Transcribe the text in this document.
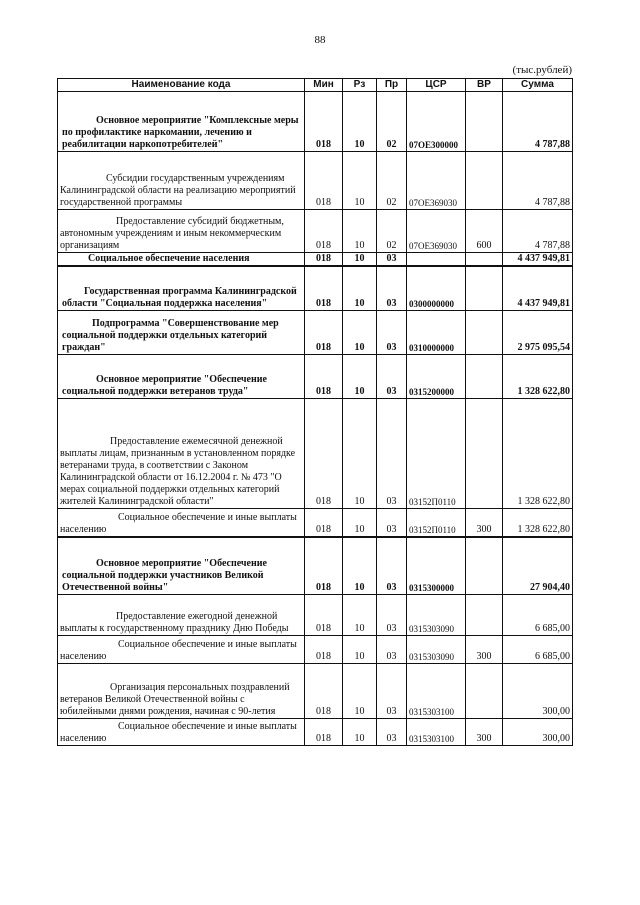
88
(тыс.рублей)
Наименование кода	Мин	Рз	Пр	ЦСР	ВР	Сумма
Основное мероприятие "Комплексные меры по профилактике наркомании, лечению и реабилитации наркопотребителей"	018	10	02	07OE300000		4 787,88
Субсидии государственным учреждениям Калининградской области на реализацию мероприятий государственной программы	018	10	02	07OE369030		4 787,88
Предоставление субсидий бюджетным, автономным учреждениям и иным некоммерческим организациям	018	10	02	07OE369030	600	4 787,88
Социальное обеспечение населения	018	10	03			4 437 949,81
Государственная программа Калининградской области "Социальная поддержка населения"	018	10	03	0300000000		4 437 949,81
Подпрограмма "Совершенствование мер социальной поддержки отдельных категорий граждан"	018	10	03	0310000000		2 975 095,54
Основное мероприятие "Обеспечение социальной поддержки ветеранов труда"	018	10	03	0315200000		1 328 622,80
Предоставление ежемесячной денежной выплаты лицам, признанным в установленном порядке ветеранами труда, в соответствии с Законом Калининградской области от 16.12.2004 г. № 473 "О мерах социальной поддержки отдельных категорий жителей Калининградской области"	018	10	03	03152П0110		1 328 622,80
Социальное обеспечение и иные выплаты населению	018	10	03	03152П0110	300	1 328 622,80
Основное мероприятие "Обеспечение социальной поддержки участников Великой Отечественной войны"	018	10	03	0315300000		27 904,40
Предоставление ежегодной денежной выплаты к государственному празднику Дню Победы	018	10	03	0315303090		6 685,00
Социальное обеспечение и иные выплаты населению	018	10	03	0315303090	300	6 685,00
Организация персональных поздравлений ветеранов Великой Отечественной войны с юбилейными днями рождения, начиная с 90-летия	018	10	03	0315303100		300,00
Социальное обеспечение и иные выплаты населению	018	10	03	0315303100	300	300,00
